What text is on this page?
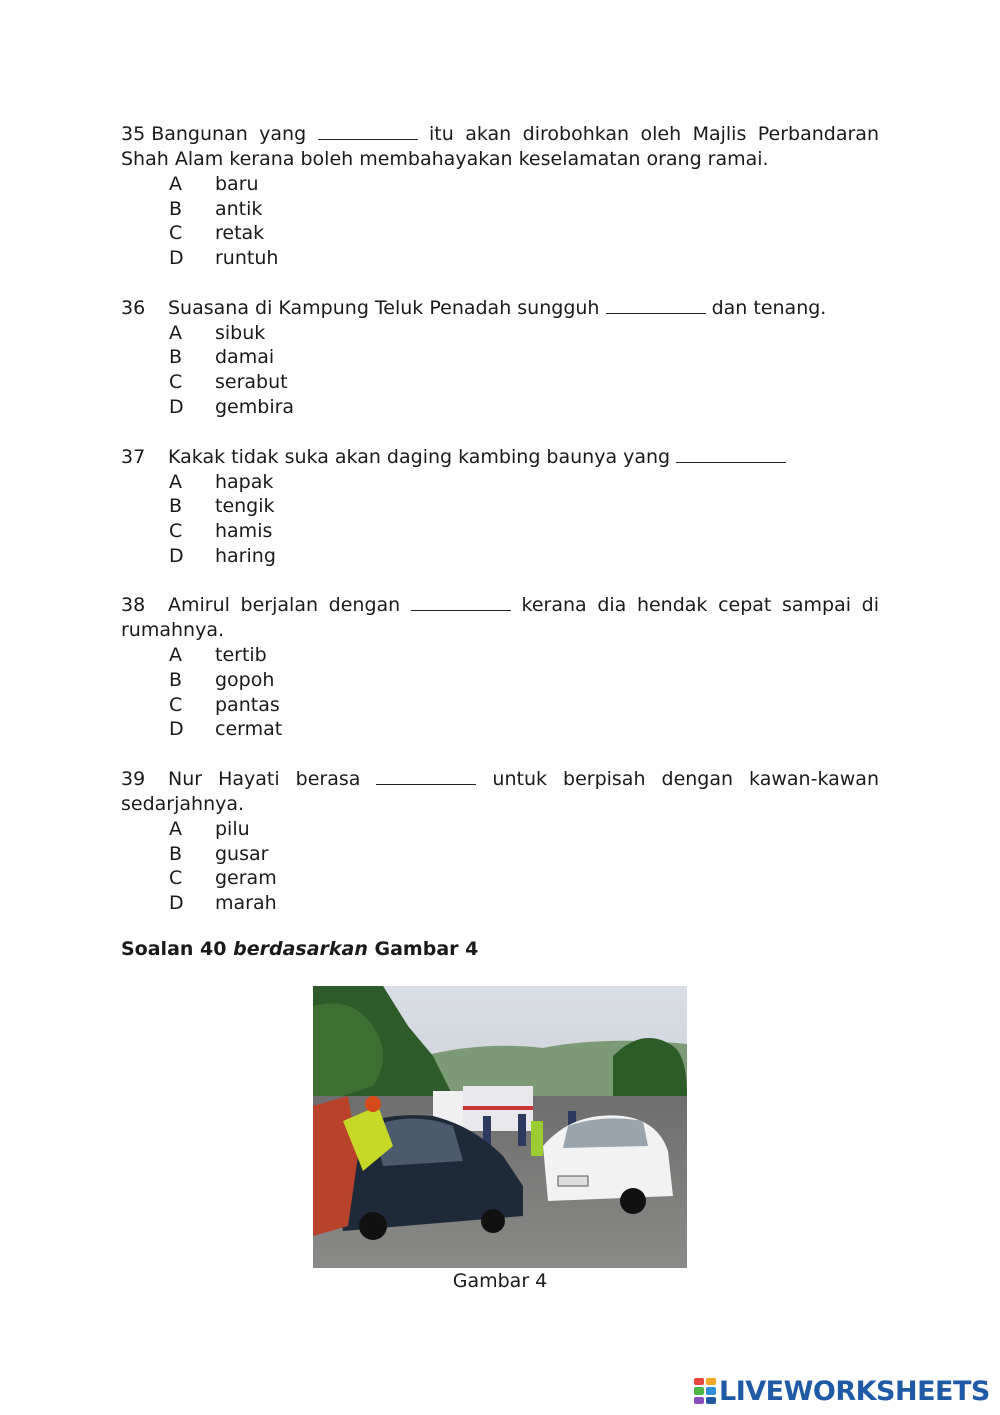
35 Bangunan yang	itu akan dirobohkan oleh Majlis Perbandaran Shah Alam kerana boleh membahayakan keselamatan orang ramai.
A	baru
B	antik
C	retak
D	runtuh
36 Suasana di Kampung Teluk Penadah sungguh	dan tenang.
A	sibuk
B	damai
C	serabut
D	gembira
37 Kakak tidak suka akan daging kambing baunya yang
A	hapak
B	tengik
C	hamis
D	haring
38 Amirul berjalan dengan	kerana dia hendak cepat sampai di rumahnya.
A	tertib
B	gopoh
C	pantas
D	cermat
39 Nur Hayati berasa	untuk berpisah dengan kawan-kawan sedarjahnya.
A	pilu
B	gusar
C	geram
D	marah
Soalan 40 berdasarkan Gambar 4
Gambar 4
LIVEWORKSHEETS
